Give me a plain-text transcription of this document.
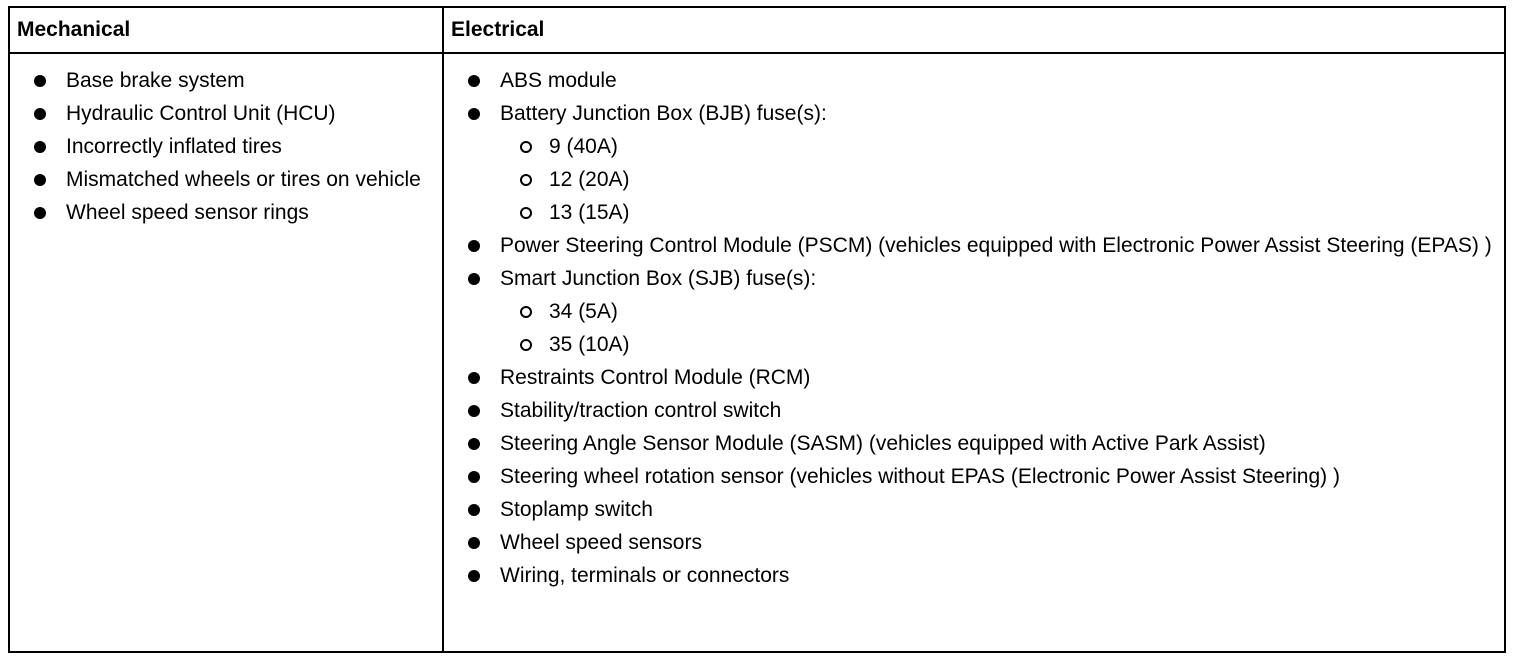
Mechanical	Electrical
Base brake system
Hydraulic Control Unit (HCU)
Incorrectly inflated tires
Mismatched wheels or tires on vehicle
Wheel speed sensor rings
ABS module
Battery Junction Box (BJB) fuse(s):
9 (40A)
12 (20A)
13 (15A)
Power Steering Control Module (PSCM) (vehicles equipped with Electronic Power Assist Steering (EPAS) )
Smart Junction Box (SJB) fuse(s):
34 (5A)
35 (10A)
Restraints Control Module (RCM)
Stability/traction control switch
Steering Angle Sensor Module (SASM) (vehicles equipped with Active Park Assist)
Steering wheel rotation sensor (vehicles without EPAS (Electronic Power Assist Steering) )
Stoplamp switch
Wheel speed sensors
Wiring, terminals or connectors
